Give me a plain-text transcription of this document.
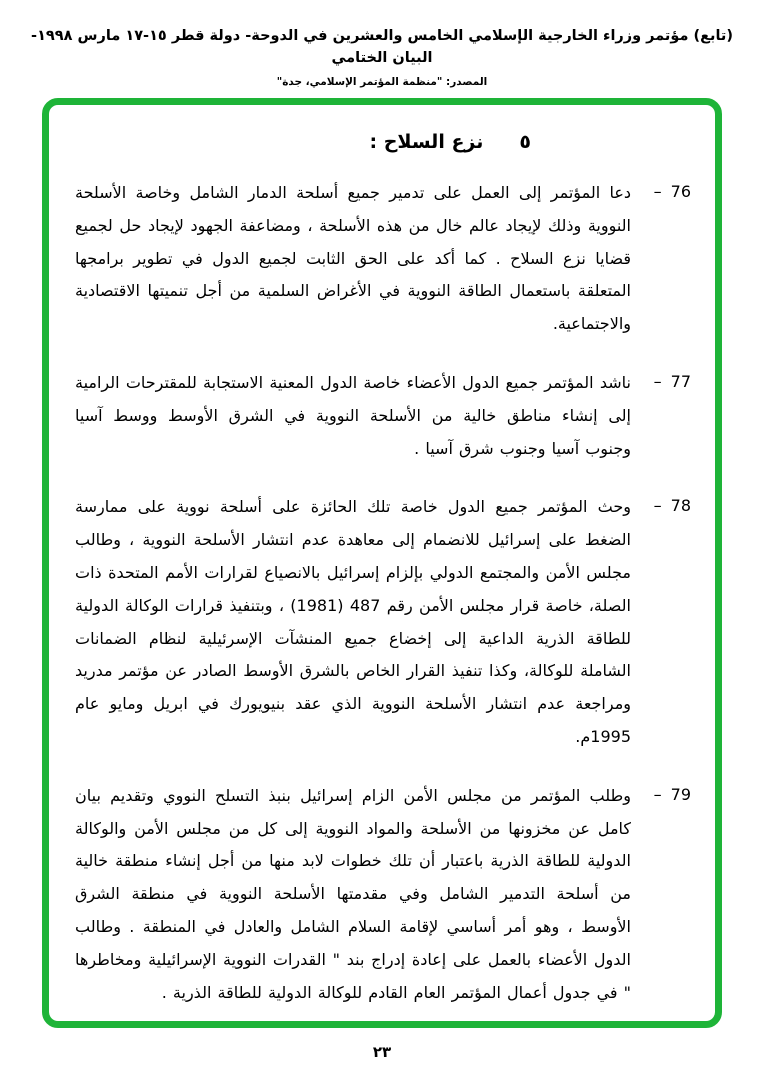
(تابع) مؤتمر وزراء الخارجية الإسلامي الخامس والعشرين في الدوحة- دولة قطر ١٥-١٧ مارس ١٩٩٨- البيان الختامي
المصدر: "منظمة المؤتمر الإسلامي، جدة"
٥
نزع السلاح :
76
–
دعا المؤتمر إلى العمل على تدمير جميع أسلحة الدمار الشامل وخاصة الأسلحة النووية وذلك لإيجاد عالم خال من هذه الأسلحة ، ومضاعفة الجهود لإيجاد حل لجميع قضايا نزع السلاح . كما أكد على الحق الثابت لجميع الدول في تطوير برامجها المتعلقة باستعمال الطاقة النووية في الأغراض السلمية من أجل تنميتها الاقتصادية والاجتماعية.
77
–
ناشد المؤتمر جميع الدول الأعضاء خاصة الدول المعنية الاستجابة للمقترحات الرامية إلى إنشاء مناطق خالية من الأسلحة النووية في الشرق الأوسط ووسط آسيا وجنوب آسيا وجنوب شرق آسيا .
78
–
وحث المؤتمر جميع الدول خاصة تلك الحائزة على أسلحة نووية على ممارسة الضغط على إسرائيل للانضمام إلى معاهدة عدم انتشار الأسلحة النووية ، وطالب مجلس الأمن والمجتمع الدولي بإلزام إسرائيل بالانصياع لقرارات الأمم المتحدة ذات الصلة، خاصة قرار مجلس الأمن رقم 487 (1981) ، وبتنفيذ قرارات الوكالة الدولية للطاقة الذرية الداعية إلى إخضاع جميع المنشآت الإسرئيلية لنظام الضمانات الشاملة للوكالة، وكذا تنفيذ القرار الخاص بالشرق الأوسط الصادر عن مؤتمر مدريد ومراجعة عدم انتشار الأسلحة النووية الذي عقد بنيويورك في ابريل ومايو عام 1995م.
79
–
وطلب المؤتمر من مجلس الأمن الزام إسرائيل بنبذ التسلح النووي وتقديم بيان كامل عن مخزونها من الأسلحة والمواد النووية إلى كل من مجلس الأمن والوكالة الدولية للطاقة الذرية باعتبار أن تلك خطوات لابد منها من أجل إنشاء منطقة خالية من أسلحة التدمير الشامل وفي مقدمتها الأسلحة النووية في منطقة الشرق الأوسط ، وهو أمر أساسي لإقامة السلام الشامل والعادل في المنطقة . وطالب الدول الأعضاء بالعمل على إعادة إدراج بند " القدرات النووية الإسرائيلية ومخاطرها " في جدول أعمال المؤتمر العام القادم للوكالة الدولية للطاقة الذرية .
٢٣
